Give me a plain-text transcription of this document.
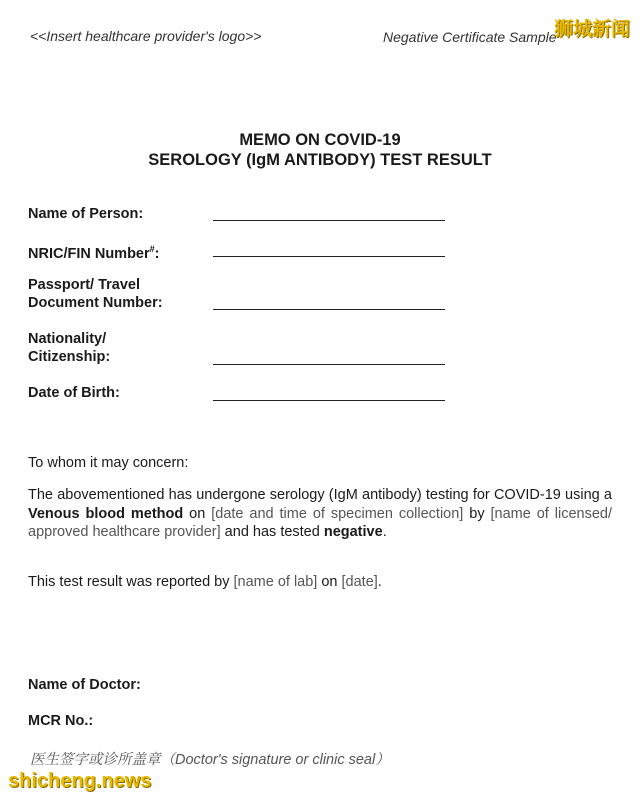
<<Insert healthcare provider's logo>>	Negative Certificate Sample
狮城新闻
MEMO ON COVID-19
SEROLOGY (IgM ANTIBODY) TEST RESULT
Name of Person:
NRIC/FIN Number#:
Passport/ Travel
Document Number:
Nationality/
Citizenship:
Date of Birth:
To whom it may concern:
The abovementioned has undergone serology (IgM antibody) testing for COVID-19 using a Venous blood method on [date and time of specimen collection] by [name of licensed/ approved healthcare provider] and has tested negative.
This test result was reported by [name of lab] on [date].
Name of Doctor:
MCR No.:
医生签字或诊所盖章（Doctor's signature or clinic seal）
shicheng.news
